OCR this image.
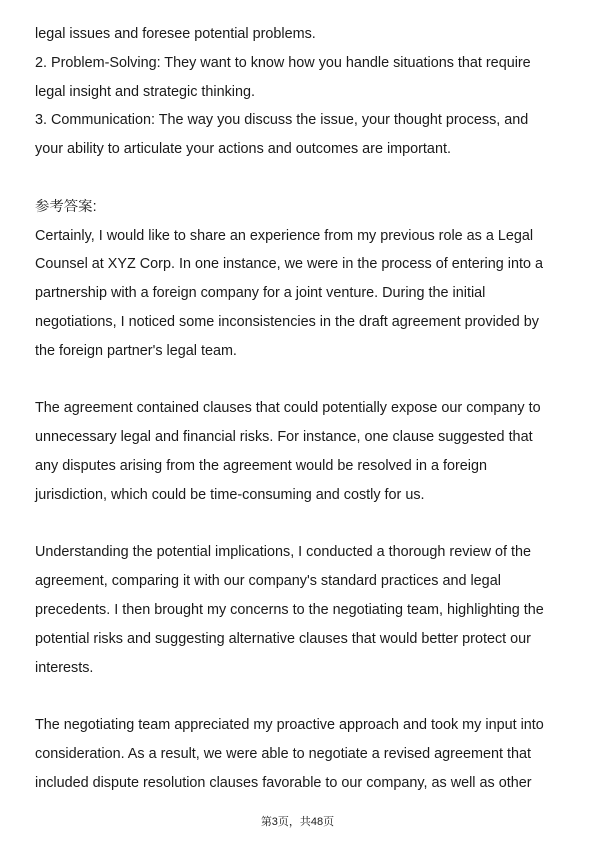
legal issues and foresee potential problems.

2. Problem-Solving: They want to know how you handle situations that require

legal insight and strategic thinking.

3. Communication: The way you discuss the issue, your thought process, and

your ability to articulate your actions and outcomes are important.

参考答案:

Certainly, I would like to share an experience from my previous role as a Legal

Counsel at XYZ Corp. In one instance, we were in the process of entering into a

partnership with a foreign company for a joint venture. During the initial

negotiations, I noticed some inconsistencies in the draft agreement provided by

the foreign partner's legal team.

The agreement contained clauses that could potentially expose our company to

unnecessary legal and financial risks. For instance, one clause suggested that

any disputes arising from the agreement would be resolved in a foreign

jurisdiction, which could be time-consuming and costly for us.

Understanding the potential implications, I conducted a thorough review of the

agreement, comparing it with our company's standard practices and legal

precedents. I then brought my concerns to the negotiating team, highlighting the

potential risks and suggesting alternative clauses that would better protect our

interests.

The negotiating team appreciated my proactive approach and took my input into

consideration. As a result, we were able to negotiate a revised agreement that

included dispute resolution clauses favorable to our company, as well as other

第3页，共48页
